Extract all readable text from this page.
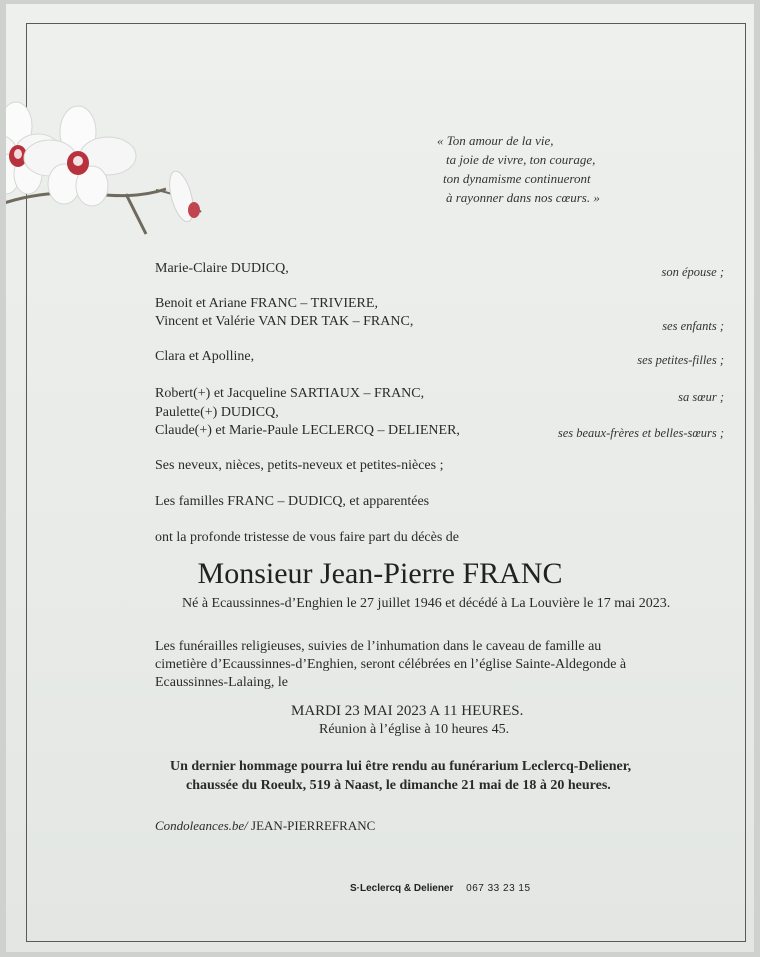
« Ton amour de la vie,
ta joie de vivre, ton courage,
ton dynamisme continueront
à rayonner dans nos cœurs. »
Marie-Claire DUDICQ,	son épouse ;
Benoit et Ariane FRANC – TRIVIERE,
Vincent et Valérie VAN DER TAK – FRANC,	ses enfants ;
Clara et Apolline,	ses petites-filles ;
Robert(+) et Jacqueline SARTIAUX – FRANC,	sa sœur ;
Paulette(+) DUDICQ,
Claude(+) et Marie-Paule LECLERCQ – DELIENER,	ses beaux-frères et belles-sœurs ;
Ses neveux, nièces, petits-neveux et petites-nièces ;
Les familles FRANC – DUDICQ, et apparentées
ont la profonde tristesse de vous faire part du décès de
Monsieur Jean-Pierre FRANC
Né à Ecaussinnes-d’Enghien le 27 juillet 1946 et décédé à La Louvière le 17 mai 2023.
Les funérailles religieuses, suivies de l’inhumation dans le caveau de famille au
cimetière d’Ecaussinnes-d’Enghien, seront célébrées en l’église Sainte-Aldegonde à
Ecaussinnes-Lalaing, le
MARDI 23 MAI 2023 A 11 HEURES.
Réunion à l’église à 10 heures 45.
Un dernier hommage pourra lui être rendu au funérarium Leclercq-Deliener,
chaussée du Roeulx, 519 à Naast, le dimanche 21 mai de 18 à 20 heures.
Condoleances.be/ JEAN-PIERREFRANC
S·Leclercq & Deliener 067 33 23 15
